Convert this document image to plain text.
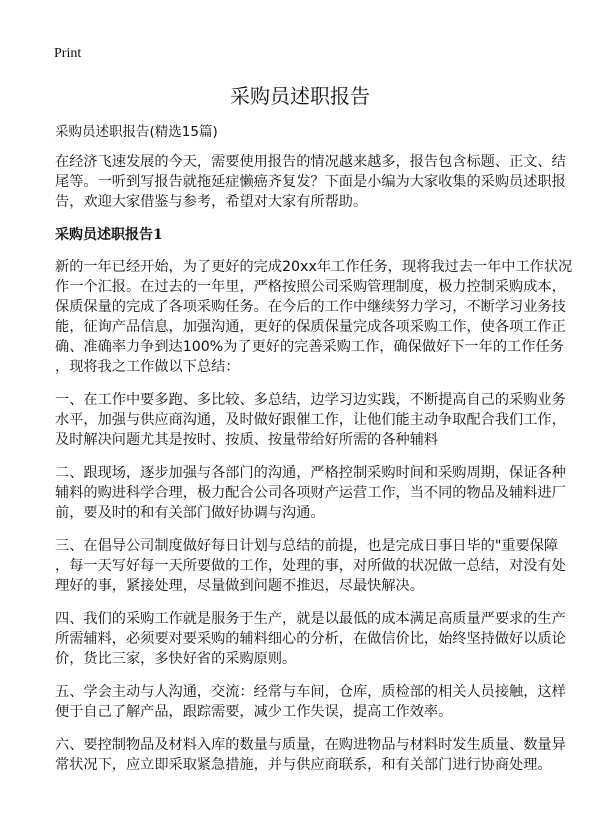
Print
采购员述职报告
采购员述职报告(精选15篇)
在经济飞速发展的今天，需要使用报告的情况越来越多，报告包含标题、正文、结
尾等。一听到写报告就拖延症懒癌齐复发？下面是小编为大家收集的采购员述职报
告，欢迎大家借鉴与参考，希望对大家有所帮助。
采购员述职报告1
新的一年已经开始，为了更好的完成20xx年工作任务，现将我过去一年中工作状况
作一个汇报。在过去的一年里，严格按照公司采购管理制度，极力控制采购成本，
保质保量的完成了各项采购任务。在今后的工作中继续努力学习，不断学习业务技
能，征询产品信息，加强沟通，更好的保质保量完成各项采购工作，使各项工作正
确、准确率力争到达100%为了更好的完善采购工作，确保做好下一年的工作任务
，现将我之工作做以下总结：
一、在工作中要多跑、多比较、多总结，边学习边实践，不断提高自己的采购业务
水平，加强与供应商沟通，及时做好跟催工作，让他们能主动争取配合我们工作，
及时解决问题尤其是按时、按质、按量带给好所需的各种辅料
二、跟现场，逐步加强与各部门的沟通，严格控制采购时间和采购周期，保证各种
辅料的购进科学合理，极力配合公司各项财产运营工作，当不同的物品及辅料进厂
前，要及时的和有关部门做好协调与沟通。
三、在倡导公司制度做好每日计划与总结的前提，也是完成日事日毕的"重要保障
，每一天写好每一天所要做的工作，处理的事，对所做的状况做一总结，对没有处
理好的事，紧接处理，尽量做到问题不推迟，尽最快解决。
四、我们的采购工作就是服务于生产，就是以最低的成本满足高质量严要求的生产
所需辅料，必须要对要采购的辅料细心的分析，在做信价比，始终坚持做好以质论
价，货比三家，多快好省的采购原则。
五、学会主动与人沟通，交流：经常与车间，仓库，质检部的相关人员接触，这样
便于自己了解产品，跟踪需要，减少工作失误，提高工作效率。
六、要控制物品及材料入库的数量与质量，在购进物品与材料时发生质量、数量异
常状况下，应立即采取紧急措施，并与供应商联系，和有关部门进行协商处理。
